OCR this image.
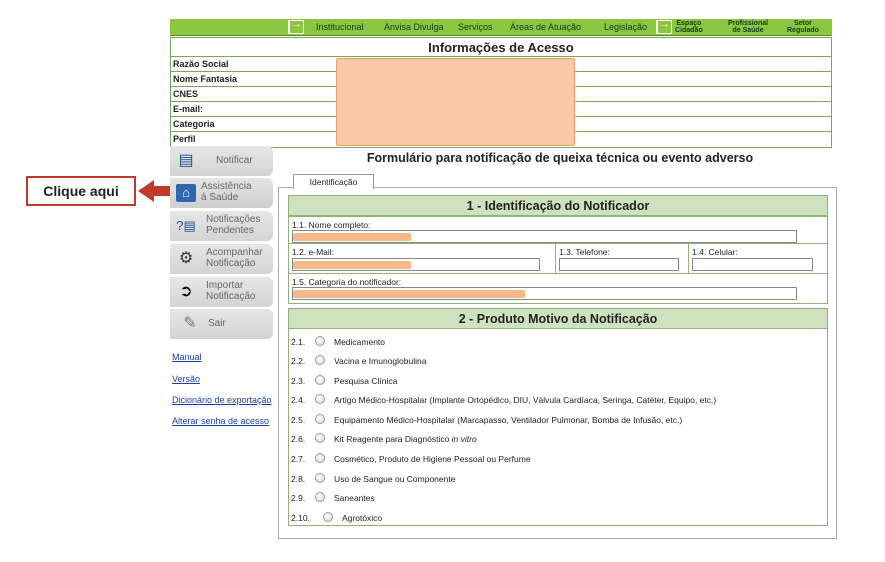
→
Institucional Anvisa Divulga Serviços Áreas de Atuação	Legislação
→	Espaço
Cidadão
Profissional
de Saúde
Setor
Regulado
Informações de Acesso
Razão Social
Nome Fantasia
CNES
E-mail:
Categoria
Perfil
Clique aqui
▤ Notificar
⌂	Assistência
à Saúde
?▤ Notificações
Pendentes
⚙ Acompanhar
Notificação
➲	Importar
Notificação
✎	Sair
Manual
Versão
Dicionário de exportação
Alterar senha de acesso
Formulário para notificação de queixa técnica ou evento adverso
Identificação
1 - Identificação do Notificador
1.1. Nome completo:
1.2. e-Mail:	1.3. Telefone:	1.4. Celular:
1.5. Categoria do notificador:
2 - Produto Motivo da Notificação
2.1.	Medicamento
2.2.	Vacina e Imunoglobulina
2.3.	Pesquisa Clínica
2.4.	Artigo Médico-Hospitalar (Implante Ortopédico, DIU, Válvula Cardíaca, Seringa, Catéter, Equipo, etc.)
2.5.	Equipamento Médico-Hospitalar (Marcapasso, Ventilador Pulmonar, Bomba de Infusão, etc.)
2.6.	Kit Reagente para Diagnóstico in vitro
2.7.	Cosmético, Produto de Higiene Pessoal ou Perfume
2.8.	Uso de Sangue ou Componente
2.9.	Saneantes
2.10.	Agrotóxico
